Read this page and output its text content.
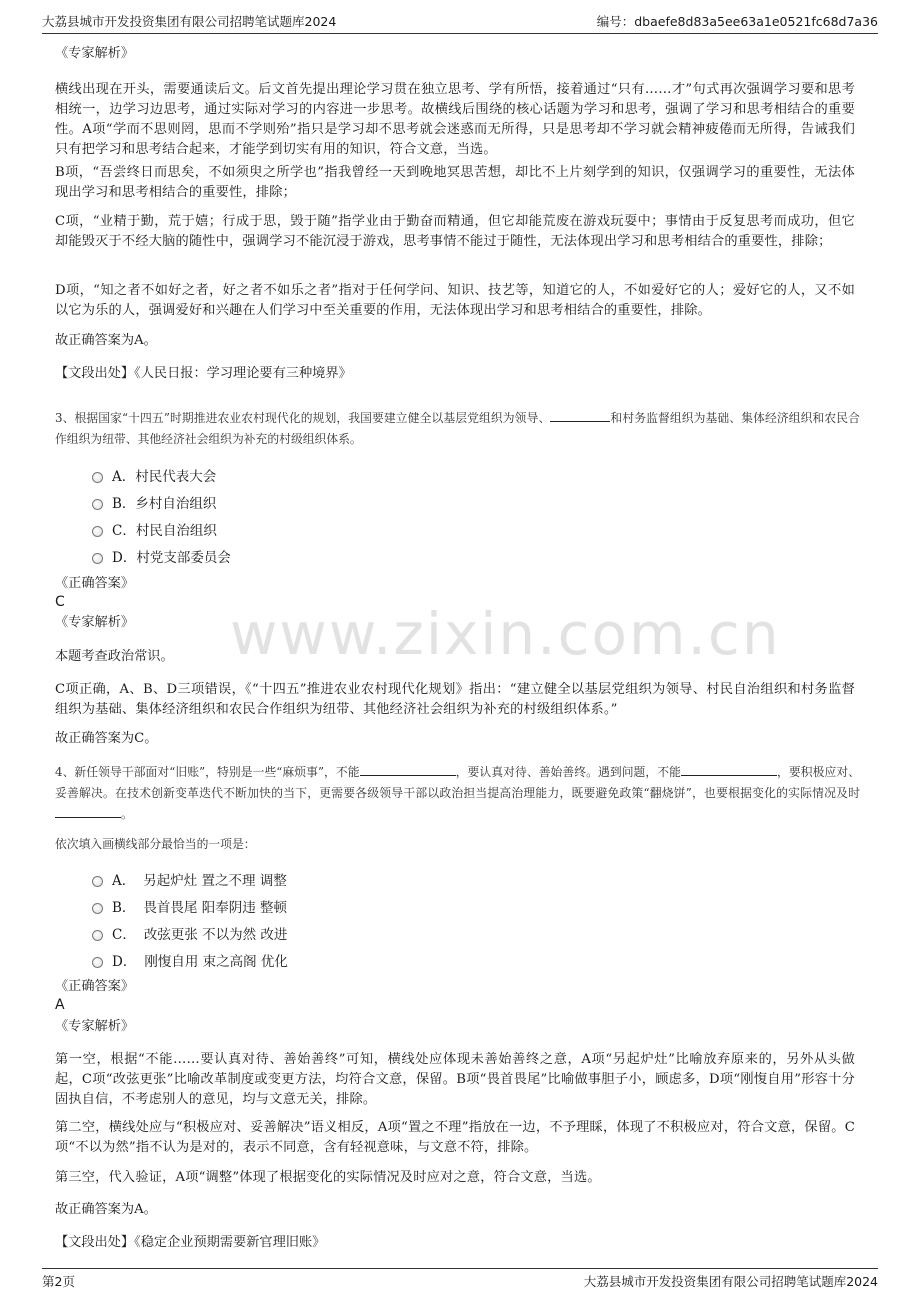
大荔县城市开发投资集团有限公司招聘笔试题库2024	编号：dbaefe8d83a5ee63a1e0521fc68d7a36
www.zixin.com.cn
《专家解析》
横线出现在开头，需要通读后文。后文首先提出理论学习贯在独立思考、学有所悟，接着通过“只有……才”句式再次强调学习要和思考相统一，边学习边思考，通过实际对学习的内容进一步思考。故横线后围绕的核心话题为学习和思考，强调了学习和思考相结合的重要性。A项“学而不思则罔，思而不学则殆”指只是学习却不思考就会迷惑而无所得，只是思考却不学习就会精神疲倦而无所得，告诫我们只有把学习和思考结合起来，才能学到切实有用的知识，符合文意，当选。
B项，“吾尝终日而思矣，不如须臾之所学也”指我曾经一天到晚地冥思苦想，却比不上片刻学到的知识，仅强调学习的重要性，无法体现出学习和思考相结合的重要性，排除；
C项，“业精于勤，荒于嬉；行成于思，毁于随”指学业由于勤奋而精通，但它却能荒废在游戏玩耍中；事情由于反复思考而成功，但它却能毁灭于不经大脑的随性中，强调学习不能沉浸于游戏，思考事情不能过于随性，无法体现出学习和思考相结合的重要性，排除；
D项，“知之者不如好之者，好之者不如乐之者”指对于任何学问、知识、技艺等，知道它的人，不如爱好它的人；爱好它的人，又不如以它为乐的人，强调爱好和兴趣在人们学习中至关重要的作用，无法体现出学习和思考相结合的重要性，排除。
故正确答案为A。
【文段出处】《人民日报：学习理论要有三种境界》
3、根据国家“十四五”时期推进农业农村现代化的规划，我国要建立健全以基层党组织为领导、	和村务监督组织为基础、集体经济组织和农民合作组织为纽带、其他经济社会组织为补充的村级组织体系。
A． 村民代表大会
B． 乡村自治组织
C． 村民自治组织
D． 村党支部委员会
《正确答案》
C
《专家解析》
本题考查政治常识。
C项正确，A、B、D三项错误，《“十四五”推进农业农村现代化规划》指出：“建立健全以基层党组织为领导、村民自治组织和村务监督组织为基础、集体经济组织和农民合作组织为纽带、其他经济社会组织为补充的村级组织体系。”
故正确答案为C。
4、新任领导干部面对“旧账”，特别是一些“麻烦事”，不能	，要认真对待、善始善终。遇到问题，不能	，要积极应对、妥善解决。在技术创新变革迭代不断加快的当下，更需要各级领导干部以政治担当提高治理能力，既要避免政策“翻烧饼”，也要根据变化的实际情况及时。
依次填入画横线部分最恰当的一项是：
A． 另起炉灶 置之不理 调整
B． 畏首畏尾 阳奉阴违 整顿
C． 改弦更张 不以为然 改进
D． 刚愎自用 束之高阁 优化
《正确答案》
A
《专家解析》
第一空，根据“不能……要认真对待、善始善终”可知，横线处应体现未善始善终之意，A项“另起炉灶”比喻放弃原来的，另外从头做起，C项“改弦更张”比喻改革制度或变更方法，均符合文意，保留。B项“畏首畏尾”比喻做事胆子小，顾虑多，D项“刚愎自用”形容十分固执自信，不考虑别人的意见，均与文意无关，排除。
第二空，横线处应与“积极应对、妥善解决”语义相反，A项“置之不理”指放在一边，不予理睬，体现了不积极应对，符合文意，保留。C项“不以为然”指不认为是对的，表示不同意，含有轻视意味，与文意不符，排除。
第三空，代入验证，A项“调整”体现了根据变化的实际情况及时应对之意，符合文意，当选。
故正确答案为A。
【文段出处】《稳定企业预期需要新官理旧账》
第2页	大荔县城市开发投资集团有限公司招聘笔试题库2024
